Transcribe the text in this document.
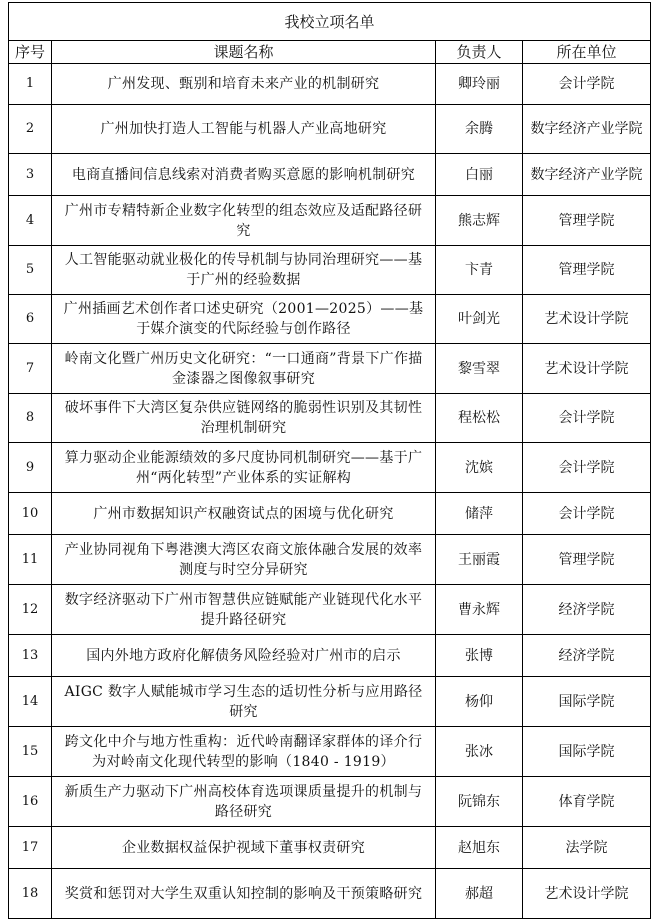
我校立项名单			
序号	课题名称	负责人	所在单位
1	广州发现、甄别和培育未来产业的机制研究	卿玲丽	会计学院
2	广州加快打造人工智能与机器人产业高地研究	余腾	数字经济产业学院
3	电商直播间信息线索对消费者购买意愿的影响机制研究	白丽	数字经济产业学院
4	广州市专精特新企业数字化转型的组态效应及适配路径研究	熊志辉	管理学院
5	人工智能驱动就业极化的传导机制与协同治理研究——基于广州的经验数据	卞青	管理学院
6	广州插画艺术创作者口述史研究（2001—2025）——基于媒介演变的代际经验与创作路径	叶剑光	艺术设计学院
7	岭南文化暨广州历史文化研究：“一口通商”背景下广作描金漆器之图像叙事研究	黎雪翠	艺术设计学院
8	破坏事件下大湾区复杂供应链网络的脆弱性识别及其韧性治理机制研究	程松松	会计学院
9	算力驱动企业能源绩效的多尺度协同机制研究——基于广州“两化转型”产业体系的实证解构	沈嫔	会计学院
10	广州市数据知识产权融资试点的困境与优化研究	储萍	会计学院
11	产业协同视角下粤港澳大湾区农商文旅体融合发展的效率测度与时空分异研究	王丽霞	管理学院
12	数字经济驱动下广州市智慧供应链赋能产业链现代化水平提升路径研究	曹永辉	经济学院
13	国内外地方政府化解债务风险经验对广州市的启示	张博	经济学院
14	AIGC 数字人赋能城市学习生态的适切性分析与应用路径研究	杨仰	国际学院
15	跨文化中介与地方性重构：近代岭南翻译家群体的译介行为对岭南文化现代转型的影响（1840 - 1919）	张冰	国际学院
16	新质生产力驱动下广州高校体育选项课质量提升的机制与路径研究	阮锦东	体育学院
17	企业数据权益保护视域下董事权责研究	赵旭东	法学院
18	奖赏和惩罚对大学生双重认知控制的影响及干预策略研究	郝超	艺术设计学院
